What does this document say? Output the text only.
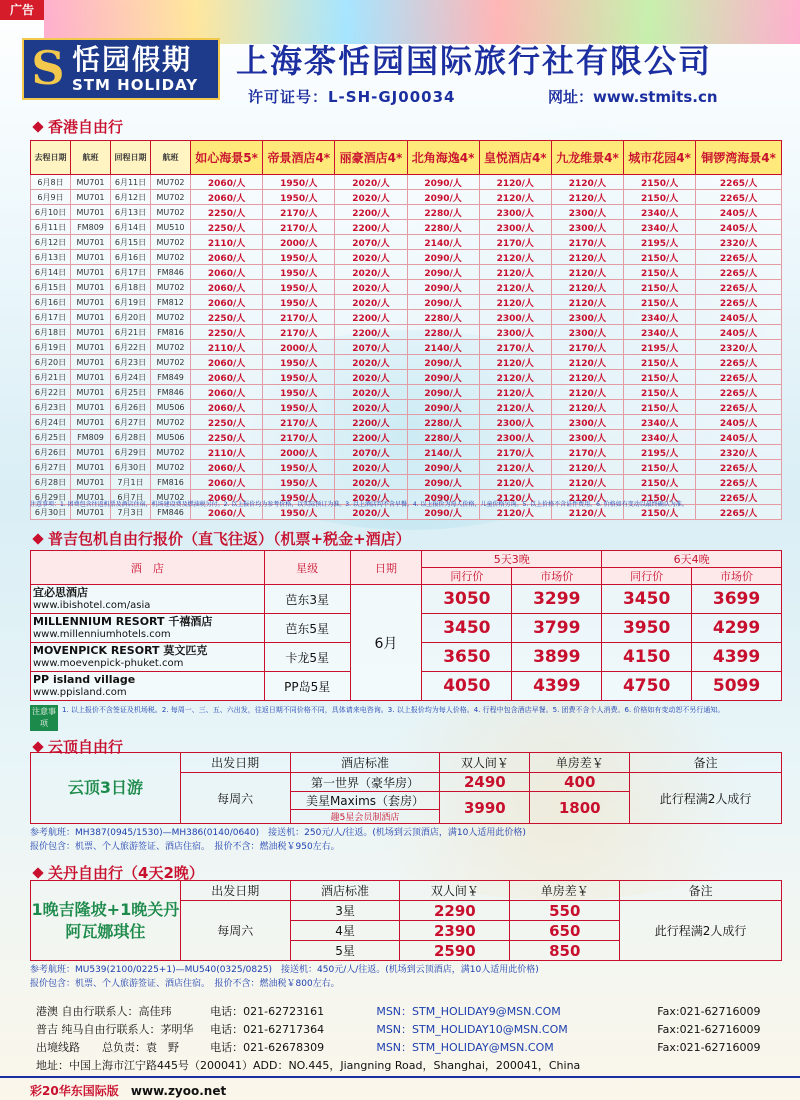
广告
S 恬园假期
STM HOLIDAY
上海茶恬园国际旅行社有限公司
许可证号：L-SH-GJ00034	网址：www.stmits.cn
香港自由行
去程日期	航班	回程日期	航班	如心海景5*	帝景酒店4*	丽豪酒店4*	北角海逸4*	皇悦酒店4*	九龙维景4*	城市花园4*	铜锣湾海景4*
6月8日	MU701	6月11日	MU702	2060/人	1950/人	2020/人	2090/人	2120/人	2120/人	2150/人	2265/人
6月9日	MU701	6月12日	MU702	2060/人	1950/人	2020/人	2090/人	2120/人	2120/人	2150/人	2265/人
6月10日	MU701	6月13日	MU702	2250/人	2170/人	2200/人	2280/人	2300/人	2300/人	2340/人	2405/人
6月11日	FM809	6月14日	MU510	2250/人	2170/人	2200/人	2280/人	2300/人	2300/人	2340/人	2405/人
6月12日	MU701	6月15日	MU702	2110/人	2000/人	2070/人	2140/人	2170/人	2170/人	2195/人	2320/人
6月13日	MU701	6月16日	MU702	2060/人	1950/人	2020/人	2090/人	2120/人	2120/人	2150/人	2265/人
6月14日	MU701	6月17日	FM846	2060/人	1950/人	2020/人	2090/人	2120/人	2120/人	2150/人	2265/人
6月15日	MU701	6月18日	MU702	2060/人	1950/人	2020/人	2090/人	2120/人	2120/人	2150/人	2265/人
6月16日	MU701	6月19日	FM812	2060/人	1950/人	2020/人	2090/人	2120/人	2120/人	2150/人	2265/人
6月17日	MU701	6月20日	MU702	2250/人	2170/人	2200/人	2280/人	2300/人	2300/人	2340/人	2405/人
6月18日	MU701	6月21日	FM816	2250/人	2170/人	2200/人	2280/人	2300/人	2300/人	2340/人	2405/人
6月19日	MU701	6月22日	MU702	2110/人	2000/人	2070/人	2140/人	2170/人	2170/人	2195/人	2320/人
6月20日	MU701	6月23日	MU702	2060/人	1950/人	2020/人	2090/人	2120/人	2120/人	2150/人	2265/人
6月21日	MU701	6月24日	FM849	2060/人	1950/人	2020/人	2090/人	2120/人	2120/人	2150/人	2265/人
6月22日	MU701	6月25日	FM846	2060/人	1950/人	2020/人	2090/人	2120/人	2120/人	2150/人	2265/人
6月23日	MU701	6月26日	MU506	2060/人	1950/人	2020/人	2090/人	2120/人	2120/人	2150/人	2265/人
6月24日	MU701	6月27日	MU702	2250/人	2170/人	2200/人	2280/人	2300/人	2300/人	2340/人	2405/人
6月25日	FM809	6月28日	MU506	2250/人	2170/人	2200/人	2280/人	2300/人	2300/人	2340/人	2405/人
6月26日	MU701	6月29日	MU702	2110/人	2000/人	2070/人	2140/人	2170/人	2170/人	2195/人	2320/人
6月27日	MU701	6月30日	MU702	2060/人	1950/人	2020/人	2090/人	2120/人	2120/人	2150/人	2265/人
6月28日	MU701	7月1日	FM816	2060/人	1950/人	2020/人	2090/人	2120/人	2120/人	2150/人	2265/人
6月29日	MU701	6月7日	MU702	2060/人	1950/人	2020/人	2090/人	2120/人	2120/人	2150/人	2265/人
6月30日	MU701	7月3日	FM846	2060/人	1950/人	2020/人	2090/人	2120/人	2120/人	2150/人	2265/人
注意事项：1. 团费包含往返机票及酒店住宿，机场建设费及燃油税另付。2. 以上报价均为参考价格，以实际预订为准。3. 以上酒店均不含早餐。4. 以上报价为每人价格，儿童价格另询。5. 以上价格不含证件费用。6. 价格如有变动以最终确认为准。
普吉包机自由行报价（直飞往返）（机票+税金+酒店）
酒　店	星级	日期	5天3晚		6天4晚	
			同行价	市场价	同行价	市场价
宜必思酒店
www.ibishotel.com/asia	芭东3星	6月	3050	3299	3450	3699
MILLENNIUM RESORT 千禧酒店
www.millenniumhotels.com	芭东5星		3450	3799	3950	4299
MOVENPICK RESORT 莫文匹克
www.moevenpick-phuket.com	卡龙5星		3650	3899	4150	4399
PP island village
www.ppisland.com	PP岛5星		4050	4399	4750	5099
注意事项
1. 以上报价不含签证及机场税。2. 每周一、三、五、六出发，往返日期不同价格不同，具体请来电咨询。3. 以上报价均为每人价格。4. 行程中包含酒店早餐。5. 团费不含个人消费。6. 价格如有变动恕不另行通知。
云顶自由行
云顶3日游	出发日期	酒店标准	双人间￥	单房差￥	备注
	每周六	第一世界（豪华房）	2490	400	此行程满2人成行
		美星Maxims（套房）	3990	1800	
		趣5星会员制酒店			
参考航班：MH387(0945/1530)—MH386(0140/0640)　接送机：250元/人/往返。(机场到云顶酒店，满10人适用此价格)
报价包含：机票、个人旅游签证、酒店住宿。　报价不含：燃油税￥950左右。
关丹自由行（4天2晚）
1晚吉隆坡+1晚关丹阿瓦娜琪住	出发日期	酒店标准	双人间￥	单房差￥	备注
	每周六	3星	2290	550	此行程满2人成行
		4星	2390	650	
		5星	2590	850	
参考航班：MU539(2100/0225+1)—MU540(0325/0825)　接送机：450元/人/往返。(机场到云顶酒店，满10人适用此价格)
报价包含：机票、个人旅游签证、酒店住宿。　报价不含：燃油税￥800左右。
港澳 自由行联系人：高佳玮	电话：021-62723161	MSN：STM_HOLIDAY9@MSN.COM	Fax:021-62716009
普吉 纯马自由行联系人：茅明华	电话：021-62717364	MSN：STM_HOLIDAY10@MSN.COM	Fax:021-62716009
出境线路　　总负责：袁　野	电话：021-62678309	MSN：STM_HOLIDAY@MSN.COM	Fax:021-62716009
地址：中国上海市江宁路445号（200041）ADD：NO.445，Jiangning Road，Shanghai，200041，China
彩20华东国际版 www.zyoo.net
